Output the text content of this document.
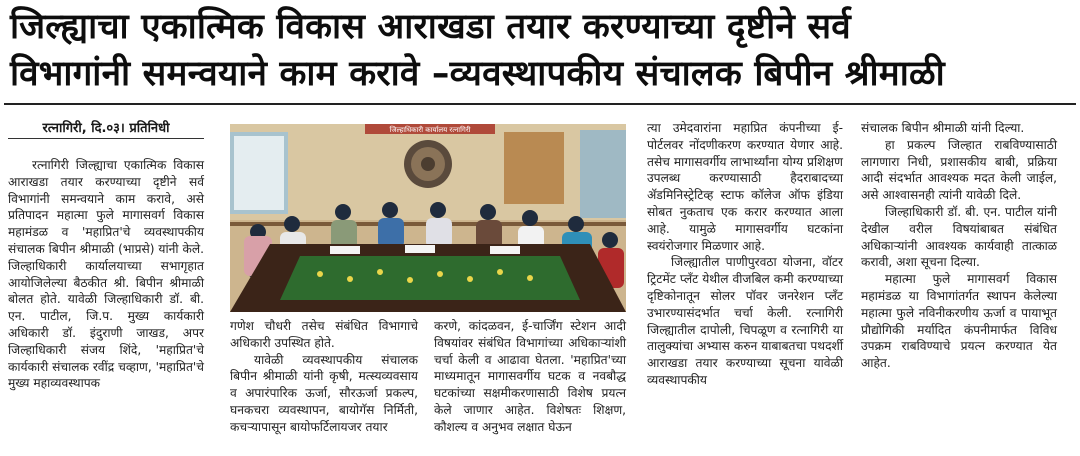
जिल्ह्याचा एकात्मिक विकास आराखडा तयार करण्याच्या दृष्टीने सर्व
विभागांनी समन्वयाने काम करावे –व्यवस्थापकीय संचालक बिपीन श्रीमाळी
रत्नागिरी, दि.०३। प्रतिनिधी

रत्नागिरी जिल्ह्याचा एकात्मिक विकास आराखडा तयार करण्याच्या दृष्टीने सर्व विभागांनी समन्वयाने काम करावे, असे प्रतिपादन महात्मा फुले मागासवर्ग विकास महामंडळ व 'महाप्रित'चे व्यवस्थापकीय संचालक बिपीन श्रीमाळी (भाप्रसे) यांनी केले. जिल्हाधिकारी कार्यालयाच्या सभागृहात आयोजिलेल्या बैठकीत श्री. बिपीन श्रीमाळी बोलत होते. यावेळी जिल्हाधिकारी डॉ. बी. एन. पाटील, जि.प. मुख्य कार्यकारी अधिकारी डॉ. इंदुराणी जाखड, अपर जिल्हाधिकारी संजय शिंदे, 'महाप्रित'चे कार्यकारी संचालक रवींद्र चव्हाण, 'महाप्रित'चे मुख्य महाव्यवस्थापक

जिल्हाधिकारी कार्यालय रत्नागिरी

गणेश चौधरी तसेच संबंधित विभागाचे अधिकारी उपस्थित होते.

यावेळी व्यवस्थापकीय संचालक बिपीन श्रीमाळी यांनी कृषी, मत्स्यव्यवसाय व अपारंपारिक ऊर्जा, सौरऊर्जा प्रकल्प, घनकचरा व्यवस्थापन, बायोगॅस निर्मिती, कचऱ्यापासून बायोफर्टिलायजर तयार

करणे, कांदळवन, ई-चार्जिंग स्टेशन आदी विषयांवर संबंधित विभागांच्या अधिकाऱ्यांशी चर्चा केली व आढावा घेतला. 'महाप्रित'च्या माध्यमातून मागासवर्गीय घटक व नवबौद्ध घटकांच्या सक्षमीकरणासाठी विशेष प्रयत्न केले जाणार आहेत. विशेषतः शिक्षण, कौशल्य व अनुभव लक्षात घेऊन

त्या उमेदवारांना महाप्रित कंपनीच्या ई-पोर्टलवर नोंदणीकरण करण्यात येणार आहे. तसेच मागासवर्गीय लाभार्थ्यांना योग्य प्रशिक्षण उपलब्ध करण्यासाठी हैदराबादच्या ॲडमिनिस्ट्रेटिव्ह स्टाफ कॉलेज ऑफ इंडिया सोबत नुकताच एक करार करण्यात आला आहे. यामुळे मागासवर्गीय घटकांना स्वयंरोजगार मिळणार आहे.

जिल्ह्यातील पाणीपुरवठा योजना, वॉटर ट्रिटमेंट प्लँट येथील वीजबिल कमी करण्याच्या दृष्टिकोनातून सोलर पॉवर जनरेशन प्लँट उभारण्यासंदर्भात चर्चा केली. रत्नागिरी जिल्ह्यातील दापोली, चिपळूण व रत्नागिरी या तालुक्यांचा अभ्यास करुन याबाबतचा पथदर्शी आराखडा तयार करण्याच्या सूचना यावेळी व्यवस्थापकीय

संचालक बिपीन श्रीमाळी यांनी दिल्या.

हा प्रकल्प जिल्हात राबविण्यासाठी लागणारा निधी, प्रशासकीय बाबी, प्रक्रिया आदी संदर्भात आवश्यक मदत केली जाईल, असे आश्वासनही त्यांनी यावेळी दिले.

जिल्हाधिकारी डॉ. बी. एन. पाटील यांनी देखील वरील विषयांबाबत संबंधित अधिकाऱ्यांनी आवश्यक कार्यवाही तात्काळ करावी, अशा सूचना दिल्या.

महात्मा फुले मागासवर्ग विकास महामंडळ या विभागांतर्गत स्थापन केलेल्या महात्मा फुले नविनीकरणीय ऊर्जा व पायाभूत प्रौद्योगिकी मर्यादित कंपनीमार्फत विविध उपक्रम राबविण्याचे प्रयत्न करण्यात येत आहेत.
